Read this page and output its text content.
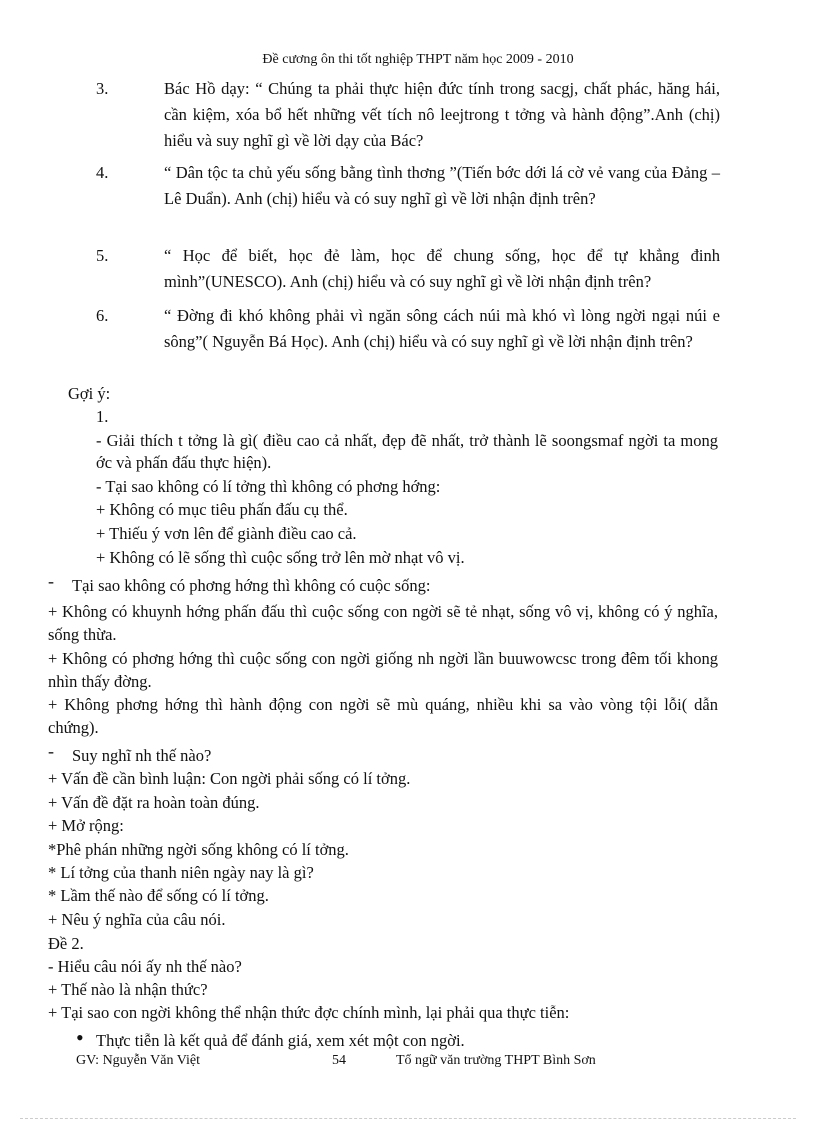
Đề cương ôn thi tốt nghiệp THPT năm học 2009 - 2010
3.	Bác Hồ dạy: “ Chúng ta phải thực hiện đức tính trong sacgj, chất phác, hăng hái, cần kiệm, xóa bổ hết những vết tích nô leejtrong t tởng và hành động”.Anh (chị) hiểu và suy nghĩ gì về lời dạy của Bác?
4.	“ Dân tộc ta chủ yếu sống bằng tình thơng ”(Tiến bớc dới lá cờ vẻ vang của Đảng – Lê Duẩn). Anh (chị) hiểu và có suy nghĩ gì về lời nhận định trên?
5.	“ Học để biết, học đẻ làm, học để chung sống, học để tự khẳng đinh mình”(UNESCO). Anh (chị) hiểu và có suy nghĩ gì về lời nhận định trên?
6.	“ Đờng đi khó không phải vì ngăn sông cách núi mà khó vì lòng ngời ngại núi e sông”( Nguyễn Bá Học). Anh (chị) hiểu và có suy nghĩ gì về lời nhận định trên?
Gợi ý:
1.
- Giải thích t tởng là gì( điều cao cả nhất, đẹp đẽ nhất, trở thành lẽ soongsmaf ngời ta mong ớc và phấn đấu thực hiện).
- Tại sao không có lí tởng thì không có phơng hớng:
+ Không có mục tiêu phấn đấu cụ thể.
+ Thiếu ý vơn lên để giành điều cao cả.
+ Không có lẽ sống thì cuộc sống trở lên mờ nhạt vô vị.
- Tại sao không có phơng hớng thì không có cuộc sống:
+ Không có khuynh hớng phấn đấu thì cuộc sống con ngời sẽ tẻ nhạt, sống vô vị, không có ý nghĩa, sống thừa.
+ Không có phơng hớng thì cuộc sống con ngời giống nh ngời lần buuwowcsc trong đêm tối khong nhìn thấy đờng.
+ Không phơng hớng thì hành động con ngời sẽ mù quáng, nhiều khi sa vào vòng tội lỗi( dẫn chứng).
- Suy nghĩ nh thế nào?
+ Vấn đề cần bình luận: Con ngời phải sống có lí tởng.
+ Vấn đề đặt ra hoàn toàn đúng.
+ Mở rộng:
*Phê phán những ngời sống không có lí tởng.
* Lí tởng của thanh niên ngày nay là gì?
* Lầm thế nào để sống có lí tởng.
+ Nêu ý nghĩa của câu nói.
Đề 2.
- Hiểu câu nói ấy nh thế nào?
+ Thế nào là nhận thức?
+ Tại sao con ngời không thể nhận thức đợc chính mình, lại phải qua thực tiễn:
• Thực tiễn là kết quả để đánh giá, xem xét một con ngời.
GV: Nguyễn Văn Việt	54	Tổ ngữ văn trường THPT Bình Sơn
